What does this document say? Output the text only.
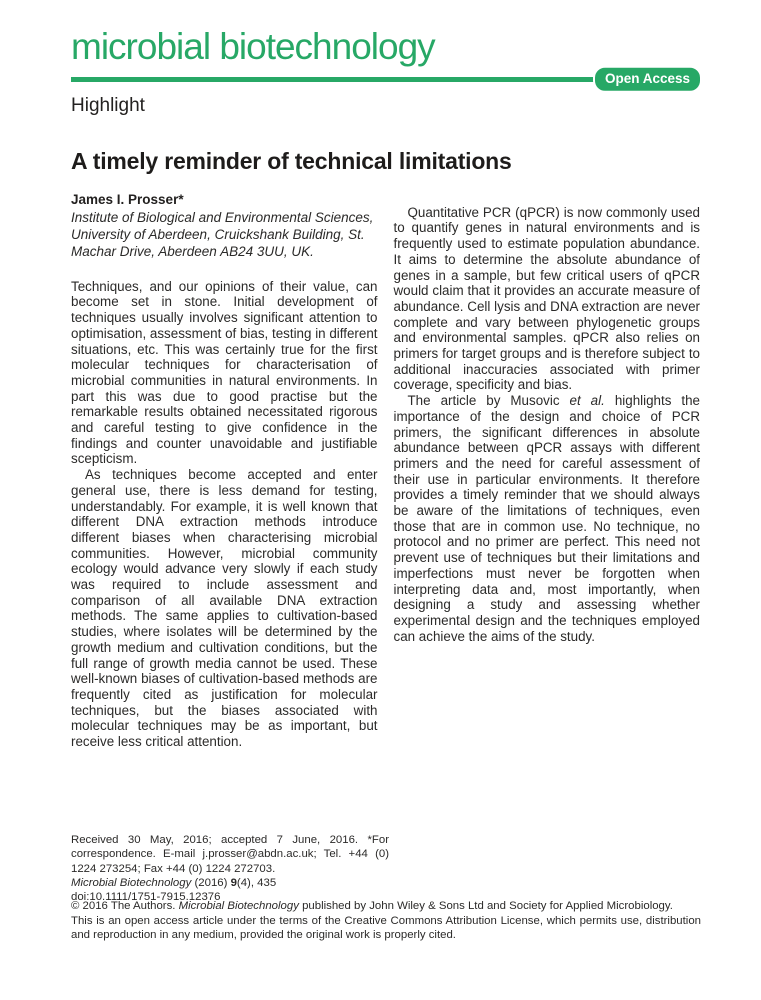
microbial biotechnology
Open Access
Highlight
A timely reminder of technical limitations

James I. Prosser*

Institute of Biological and Environmental Sciences,
University of Aberdeen, Cruickshank Building, St.
Machar Drive, Aberdeen AB24 3UU, UK.

Techniques, and our opinions of their value, can become set in stone. Initial development of techniques usually involves significant attention to optimisation, assessment of bias, testing in different situations, etc. This was certainly true for the first molecular techniques for characterisation of microbial communities in natural environments. In part this was due to good practise but the remarkable results obtained necessitated rigorous and careful testing to give confidence in the findings and counter unavoidable and justifiable scepticism.

As techniques become accepted and enter general use, there is less demand for testing, understandably. For example, it is well known that different DNA extraction methods introduce different biases when characterising microbial communities. However, microbial community ecology would advance very slowly if each study was required to include assessment and comparison of all available DNA extraction methods. The same applies to cultivation-based studies, where isolates will be determined by the growth medium and cultivation conditions, but the full range of growth media cannot be used. These well-known biases of cultivation-based methods are frequently cited as justification for molecular techniques, but the biases associated with molecular techniques may be as important, but receive less critical attention.

Quantitative PCR (qPCR) is now commonly used to quantify genes in natural environments and is frequently used to estimate population abundance. It aims to determine the absolute abundance of genes in a sample, but few critical users of qPCR would claim that it provides an accurate measure of abundance. Cell lysis and DNA extraction are never complete and vary between phylogenetic groups and environmental samples. qPCR also relies on primers for target groups and is therefore subject to additional inaccuracies associated with primer coverage, specificity and bias.

The article by Musovic et al. highlights the importance of the design and choice of PCR primers, the significant differences in absolute abundance between qPCR assays with different primers and the need for careful assessment of their use in particular environments. It therefore provides a timely reminder that we should always be aware of the limitations of techniques, even those that are in common use. No technique, no protocol and no primer are perfect. This need not prevent use of techniques but their limitations and imperfections must never be forgotten when interpreting data and, most importantly, when designing a study and assessing whether experimental design and the techniques employed can achieve the aims of the study.

Received 30 May, 2016; accepted 7 June, 2016. *For correspondence. E-mail j.prosser@abdn.ac.uk; Tel. +44 (0) 1224 273254; Fax +44 (0) 1224 272703.

Microbial Biotechnology (2016) 9(4), 435

doi:10.1111/1751-7915.12376

© 2016 The Authors. Microbial Biotechnology published by John Wiley & Sons Ltd and Society for Applied Microbiology.

This is an open access article under the terms of the Creative Commons Attribution License, which permits use, distribution and reproduction in any medium, provided the original work is properly cited.
